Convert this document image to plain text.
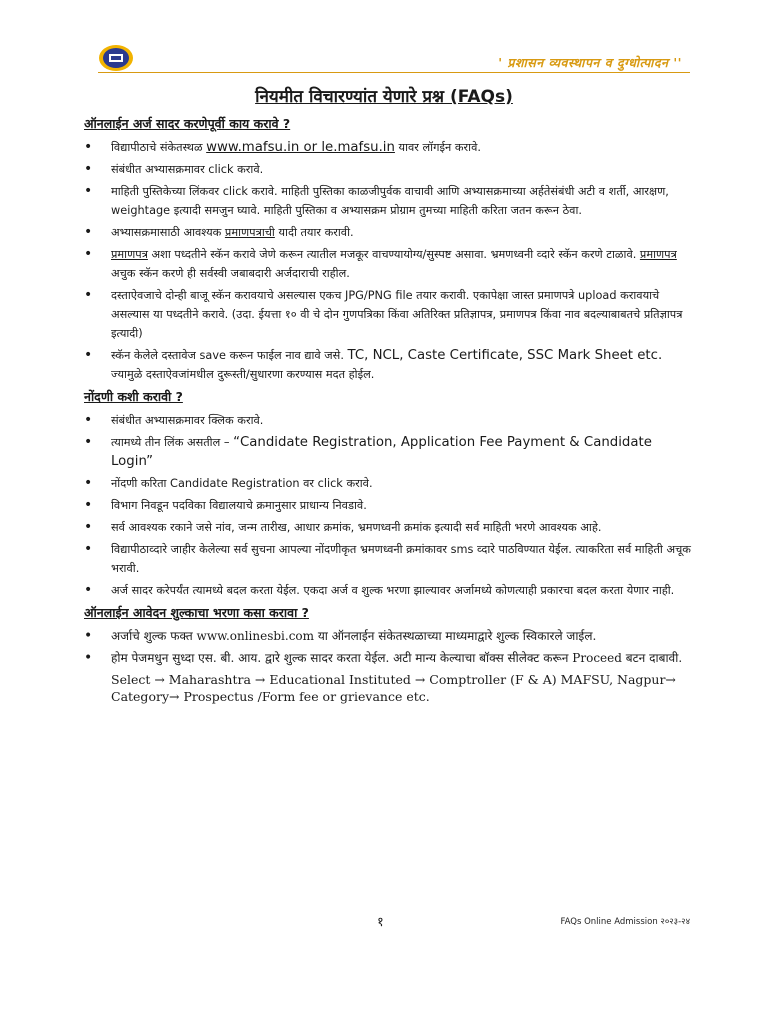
' प्रशासन व्यवस्थापन व दुग्धोत्पादन ''
नियमीत विचारण्यांत येणारे प्रश्न (FAQs)
ऑनलाईन अर्ज सादर करणेपूर्वी काय करावे ?
• विद्यापीठाचे संकेतस्थळ www.mafsu.in or le.mafsu.in यावर लॉगईन करावे.
• संबंधीत अभ्यासक्रमावर click करावे.
• माहिती पुस्तिकेच्या लिंकवर click करावे. माहिती पुस्तिका काळजीपुर्वक वाचावी आणि अभ्यासक्रमाच्या अर्हतेसंबंधी अटी व शर्ती, आरक्षण, weightage इत्यादी समजुन घ्यावे. माहिती पुस्तिका व अभ्यासक्रम प्रोग्राम तुमच्या माहिती करिता जतन करून ठेवा.
• अभ्यासक्रमासाठी आवश्यक प्रमाणपत्राची यादी तयार करावी.
• प्रमाणपत्र अशा पध्दतीने स्कॅन करावे जेणे करून त्यातील मजकूर वाचण्यायोग्य/सुस्पष्ट असावा. भ्रमणध्वनी व्दारे स्कॅन करणे टाळावे. प्रमाणपत्र अचुक स्कॅन करणे ही सर्वस्वी जबाबदारी अर्जदाराची राहील.
• दस्ताऐवजाचे दोन्ही बाजू स्कॅन करावयाचे असल्यास एकच JPG/PNG file तयार करावी. एकापेक्षा जास्त प्रमाणपत्रे upload करावयाचे असल्यास या पध्दतीने करावे. (उदा. ईयत्ता १० वी चे दोन गुणपत्रिका किंवा अतिरिक्त प्रतिज्ञापत्र, प्रमाणपत्र किंवा नाव बदल्याबाबतचे प्रतिज्ञापत्र इत्यादी)
• स्कॅन केलेले दस्तावेज save करून फाईल नाव द्यावे जसे. TC, NCL, Caste Certificate, SSC Mark Sheet etc. ज्यामुळे दस्ताऐवजांमधील दुरूस्ती/सुधारणा करण्यास मदत होईल.
नोंदणी कशी करावी ?
• संबंधीत अभ्यासक्रमावर क्लिक करावे.
• त्यामध्ये तीन लिंक असतील – “Candidate Registration, Application Fee Payment & Candidate Login”
• नोंदणी करिता Candidate Registration वर click करावे.
• विभाग निवडून पदविका विद्यालयाचे क्रमानुसार प्राधान्य निवडावे.
• सर्व आवश्यक रकाने जसे नांव, जन्म तारीख, आधार क्रमांक, भ्रमणध्वनी क्रमांक इत्यादी सर्व माहिती भरणे आवश्यक आहे.
• विद्यापीठाव्दारे जाहीर केलेल्या सर्व सुचना आपल्या नोंदणीकृत भ्रमणध्वनी क्रमांकावर sms व्दारे पाठविण्यात येईल. त्याकरिता सर्व माहिती अचूक भरावी.
• अर्ज सादर करेपर्यंत त्यामध्ये बदल करता येईल. एकदा अर्ज व शुल्क भरणा झाल्यावर अर्जामध्ये कोणत्याही प्रकारचा बदल करता येणार नाही.
ऑनलाईन आवेदन शुल्काचा भरणा कसा करावा ?
• अर्जाचे शुल्क फक्त www.onlinesbi.com या ऑनलाईन संकेतस्थळाच्या माध्यमाद्वारे शुल्क स्विकारले जाईल.
• होम पेजमधुन सुध्दा एस. बी. आय. द्वारे शुल्क सादर करता येईल. अटी मान्य केल्याचा बॉक्स सीलेक्ट करून Proceed बटन दाबावी.
Select → Maharashtra → Educational Instituted → Comptroller (F & A) MAFSU, Nagpur→ Category→ Prospectus /Form fee or grievance etc.
१	FAQs Online Admission २०२३-२४
